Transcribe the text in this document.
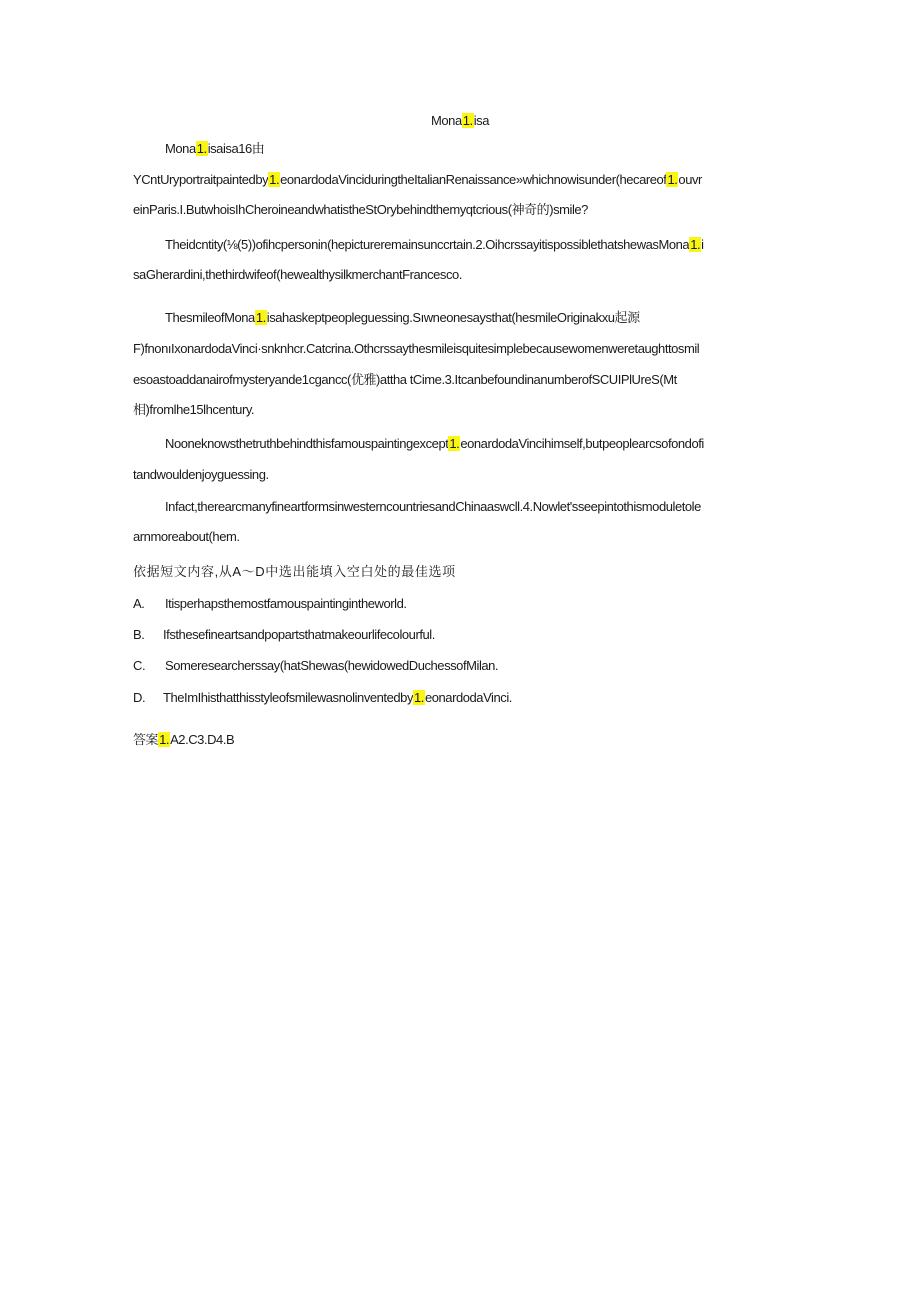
Mona1.isa
Mona1.isaisa16由
YCntUryportraitpaintedby1.eonardodaVinciduringtheItalianRenaissance»whichnowisunder(hecareof1.ouvr
einParis.I.ButwhoisIhCheroineandwhatistheStOrybehindthemyqtcrious(神奇的)smile?
Theidcntity(⅛(5))ofihcpersonin(hepictureremainsunccrtain.2.OihcrssayitispossiblethatshewasMona1.i
saGherardini,thethirdwifeof(hewealthysilkmerchantFrancesco.
ThesmileofMona1.isahaskeptpeopleguessing.Sıwneonesaysthat(hesmileOriginakxu起源
F)fnonıIxonardodaVinci·snknhcr.Catcrina.Othcrssaythesmileisquitesimplebecausewomenweretaughttosmil
esoastoaddanairofmysteryande1cgancc(优雅)attha tCime.3.ItcanbefoundinanumberofSCUIPlUreS(Mt
相)fromlhe15lhcentury.
Nooneknowsthetruthbehindthisfamouspaintingexcept1.eonardodaVincihimself,butpeoplearcsofondofi
tandwouldenjoyguessing.
Infact,therearcmanyfineartformsinwesterncountriesandChinaaswcll.4.Nowlet'sseepintothismoduletole
arnmoreabout(hem.
依据短文内容,从A～D中选出能填入空白处的最佳选项
A. Itisperhapsthemostfamouspaintingintheworld.
B. Ifsthesefineartsandpopartsthatmakeourlifecolourful.
C. Someresearcherssay(hatShewas(hewidowedDuchessofMilan.
D. TheImIhisthatthisstyleofsmilewasnolinventedby1.eonardodaVinci.
答案1.A2.C3.D4.B
